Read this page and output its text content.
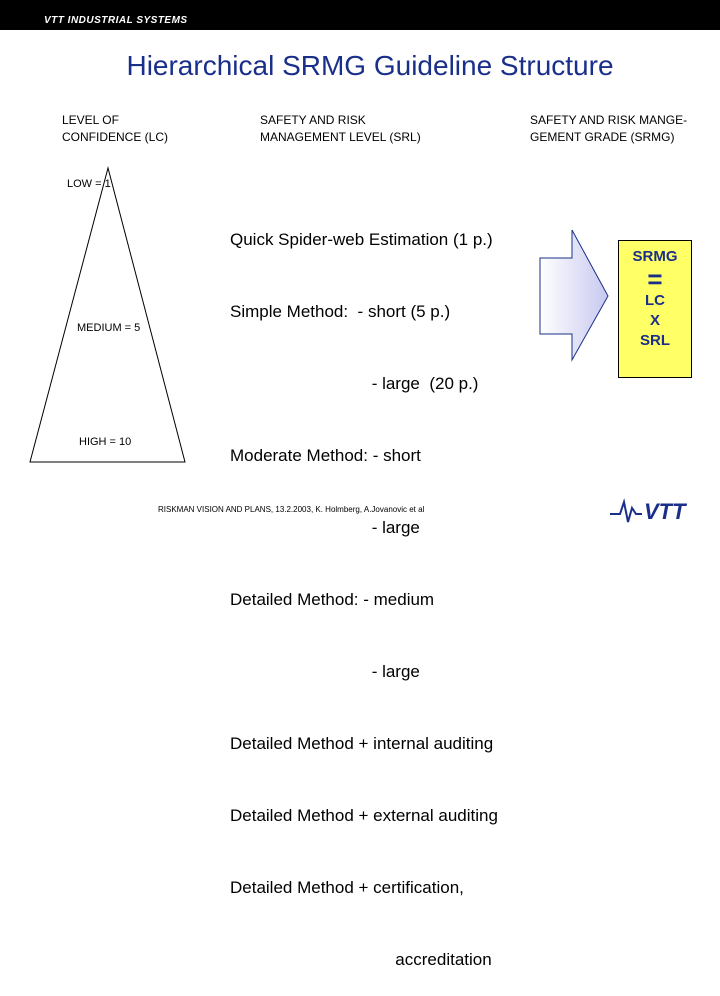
VTT INDUSTRIAL SYSTEMS
Hierarchical SRMG Guideline Structure
LEVEL OF
CONFIDENCE (LC)
SAFETY AND RISK
MANAGEMENT LEVEL (SRL)
SAFETY AND RISK MANGE-
GEMENT GRADE (SRMG)
LOW = 1
MEDIUM = 5
HIGH = 10

Quick Spider-web Estimation (1 p.)

Simple Method:  - short (5 p.)

- large  (20 p.)

Moderate Method: - short

- large

Detailed Method: - medium

- large

Detailed Method + internal auditing

Detailed Method + external auditing

Detailed Method + certification,

accreditation

SRMG
=
LC
X
SRL
RISKMAN VISION AND PLANS, 13.2.2003, K. Holmberg, A.Jovanovic et al	VTT
